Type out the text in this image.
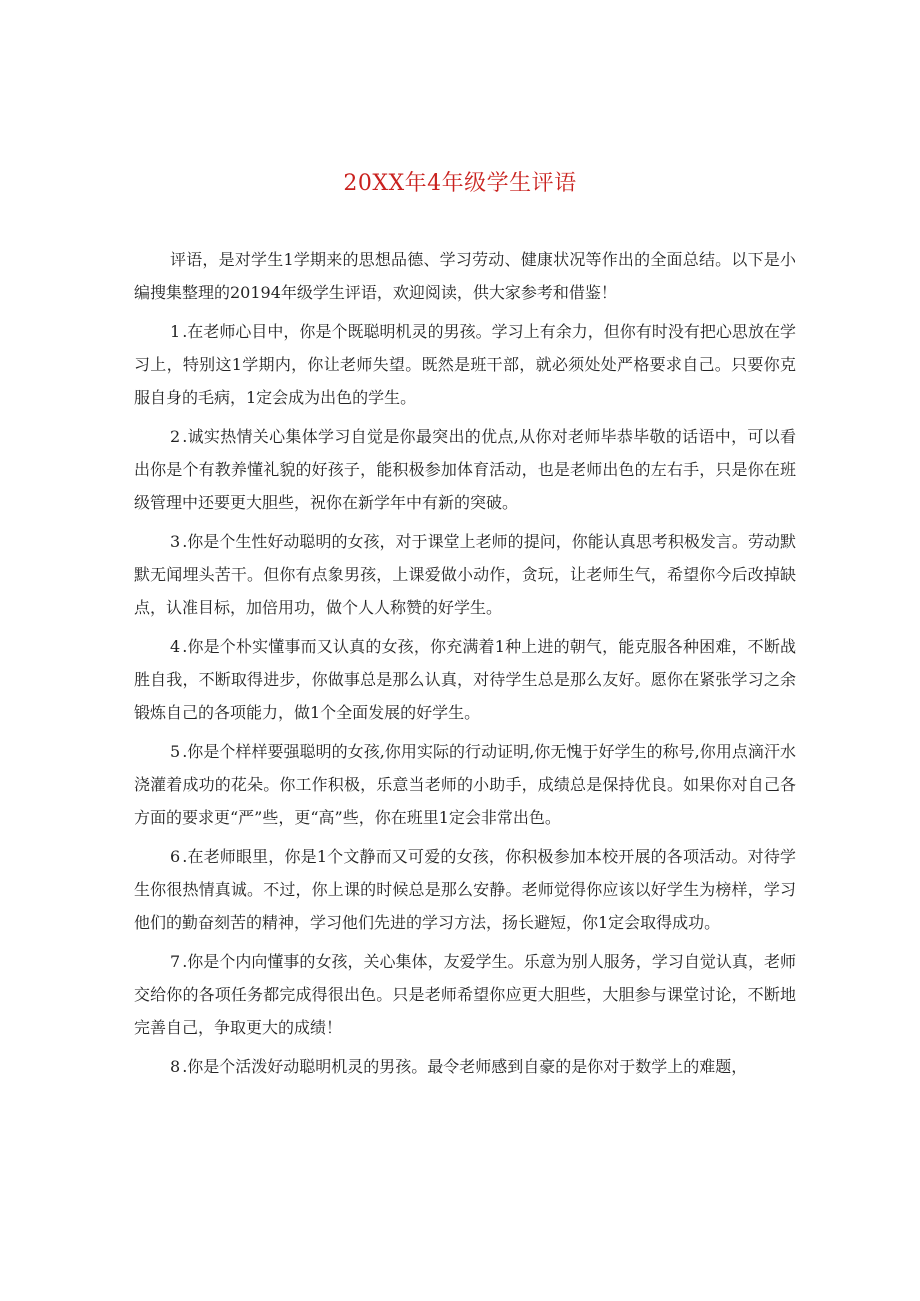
20XX年4年级学生评语

评语，是对学生1学期来的思想品德、学习劳动、健康状况等作出的全面总结。以下是小编搜集整理的20194年级学生评语，欢迎阅读，供大家参考和借鉴！

1 .在老师心目中，你是个既聪明机灵的男孩。学习上有余力，但你有时没有把心思放在学习上，特别这1学期内，你让老师失望。既然是班干部，就必须处处严格要求自己。只要你克服自身的毛病，1定会成为出色的学生。

2 .诚实热情关心集体学习自觉是你最突出的优点,从你对老师毕恭毕敬的话语中，可以看出你是个有教养懂礼貌的好孩子，能积极参加体育活动，也是老师出色的左右手，只是你在班级管理中还要更大胆些，祝你在新学年中有新的突破。

3 .你是个生性好动聪明的女孩，对于课堂上老师的提问，你能认真思考积极发言。劳动默默无闻埋头苦干。但你有点象男孩，上课爱做小动作，贪玩，让老师生气，希望你今后改掉缺点，认准目标，加倍用功，做个人人称赞的好学生。

4 .你是个朴实懂事而又认真的女孩，你充满着1种上进的朝气，能克服各种困难，不断战胜自我，不断取得进步，你做事总是那么认真，对待学生总是那么友好。愿你在紧张学习之余锻炼自己的各项能力，做1个全面发展的好学生。

5 .你是个样样要强聪明的女孩,你用实际的行动证明,你无愧于好学生的称号,你用点滴汗水浇灌着成功的花朵。你工作积极，乐意当老师的小助手，成绩总是保持优良。如果你对自己各方面的要求更“严”些，更“高”些，你在班里1定会非常出色。

6 .在老师眼里，你是1个文静而又可爱的女孩，你积极参加本校开展的各项活动。对待学生你很热情真诚。不过，你上课的时候总是那么安静。老师觉得你应该以好学生为榜样，学习他们的勤奋刻苦的精神，学习他们先进的学习方法，扬长避短，你1定会取得成功。

7 .你是个内向懂事的女孩，关心集体，友爱学生。乐意为别人服务，学习自觉认真，老师交给你的各项任务都完成得很出色。只是老师希望你应更大胆些，大胆参与课堂讨论，不断地完善自己，争取更大的成绩！

8 .你是个活泼好动聪明机灵的男孩。最令老师感到自豪的是你对于数学上的难题，
